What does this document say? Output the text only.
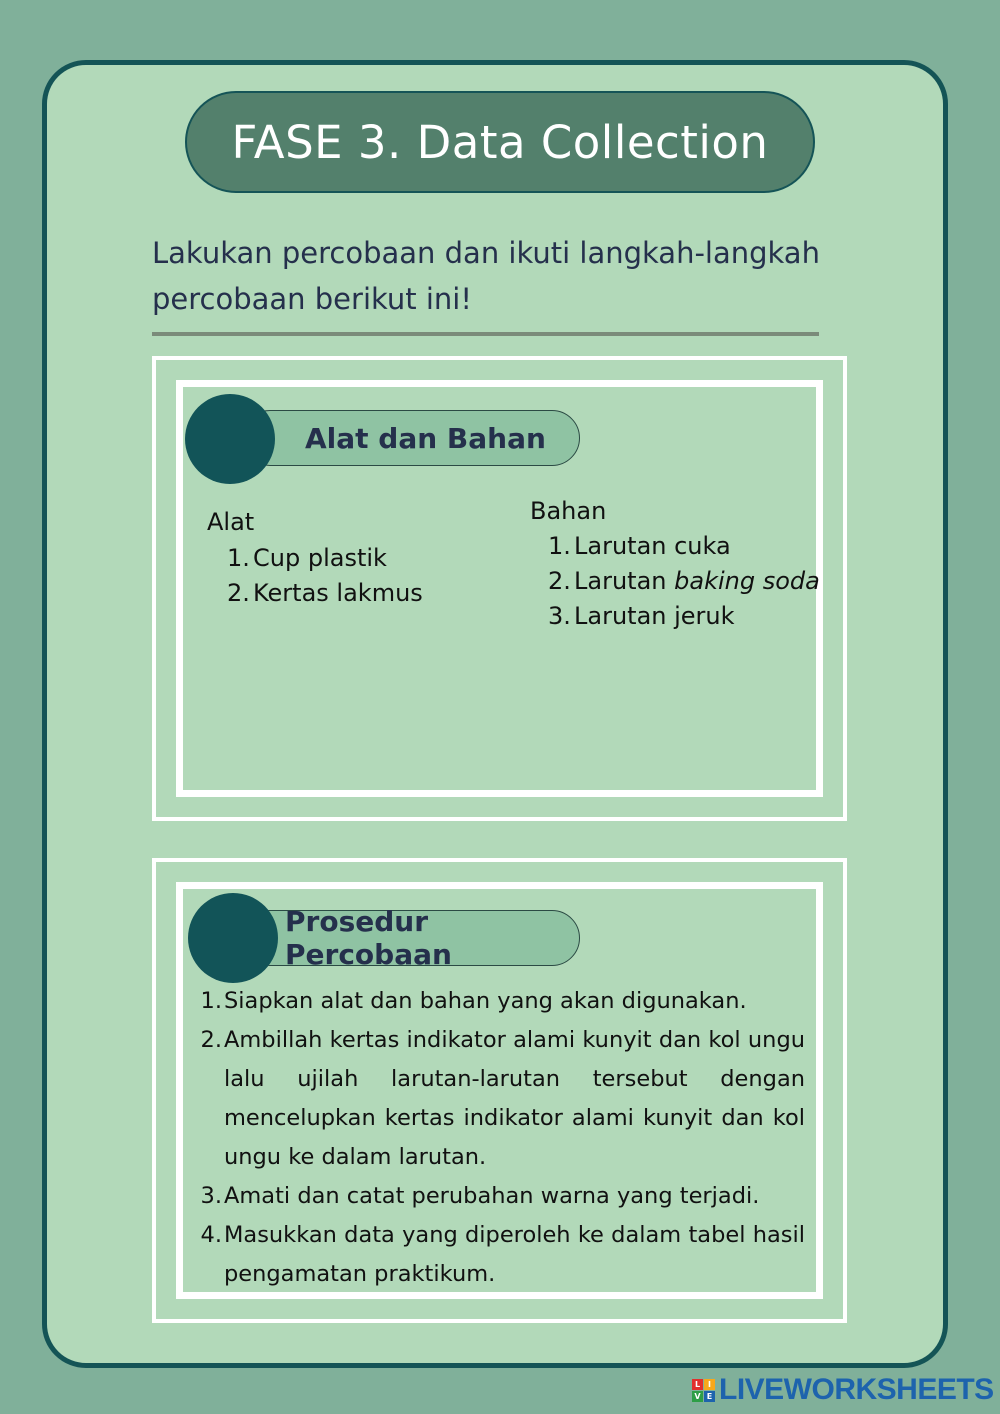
FASE 3. Data Collection
Lakukan percobaan dan ikuti langkah-langkah
percobaan berikut ini!
Alat dan Bahan
Alat
1. Cup plastik
2. Kertas lakmus
Bahan
1. Larutan cuka
2. Larutan baking soda
3. Larutan jeruk
Prosedur Percobaan
1. Siapkan alat dan bahan yang akan digunakan.
2. Ambillah kertas indikator alami kunyit dan kol ungu lalu ujilah larutan-larutan tersebut dengan mencelupkan kertas indikator alami kunyit dan kol ungu ke dalam larutan.
3. Amati dan catat perubahan warna yang terjadi.
4. Masukkan data yang diperoleh ke dalam tabel hasil pengamatan praktikum.
L I
V E LIVEWORKSHEETS
